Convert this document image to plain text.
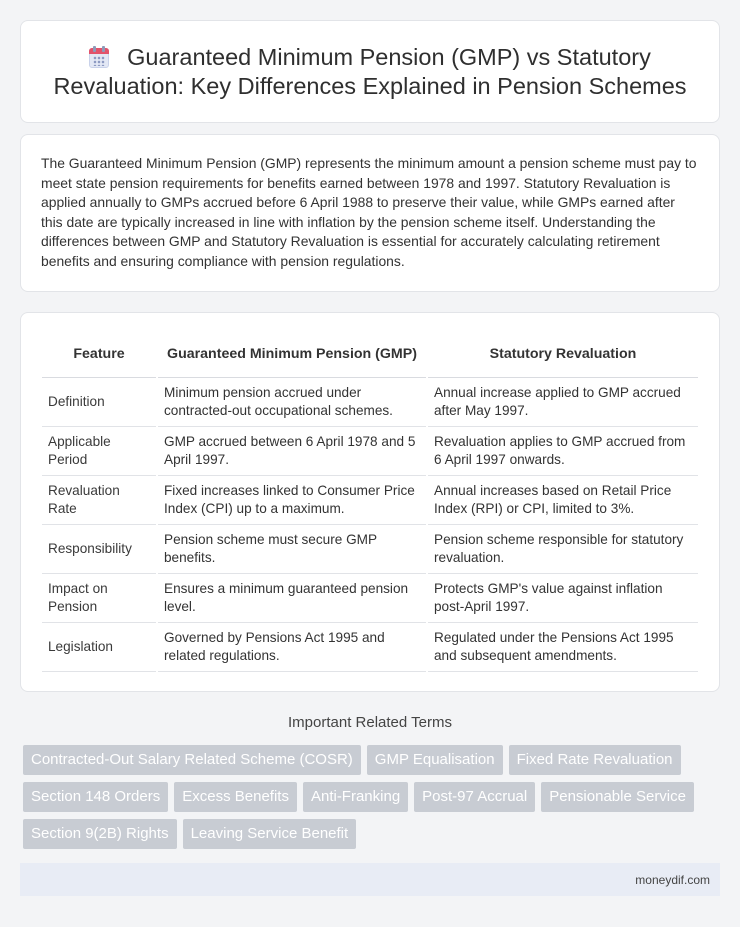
Guaranteed Minimum Pension (GMP) vs Statutory Revaluation: Key Differences Explained in Pension Schemes

The Guaranteed Minimum Pension (GMP) represents the minimum amount a pension scheme must pay to meet state pension requirements for benefits earned between 1978 and 1997. Statutory Revaluation is applied annually to GMPs accrued before 6 April 1988 to preserve their value, while GMPs earned after this date are typically increased in line with inflation by the pension scheme itself. Understanding the differences between GMP and Statutory Revaluation is essential for accurately calculating retirement benefits and ensuring compliance with pension regulations.

Feature	Guaranteed Minimum Pension (GMP)	Statutory Revaluation
Definition	Minimum pension accrued under contracted-out occupational schemes.	Annual increase applied to GMP accrued after May 1997.
Applicable Period	GMP accrued between 6 April 1978 and 5 April 1997.	Revaluation applies to GMP accrued from 6 April 1997 onwards.
Revaluation Rate	Fixed increases linked to Consumer Price Index (CPI) up to a maximum.	Annual increases based on Retail Price Index (RPI) or CPI, limited to 3%.
Responsibility	Pension scheme must secure GMP benefits.	Pension scheme responsible for statutory revaluation.
Impact on Pension	Ensures a minimum guaranteed pension level.	Protects GMP's value against inflation post-April 1997.
Legislation	Governed by Pensions Act 1995 and related regulations.	Regulated under the Pensions Act 1995 and subsequent amendments.
Important Related Terms
Contracted-Out Salary Related Scheme (COSR)	GMP Equalisation	Fixed Rate Revaluation
Section 148 Orders	Excess Benefits	Anti-Franking	Post-97 Accrual	Pensionable Service
Section 9(2B) Rights	Leaving Service Benefit
moneydif.com
